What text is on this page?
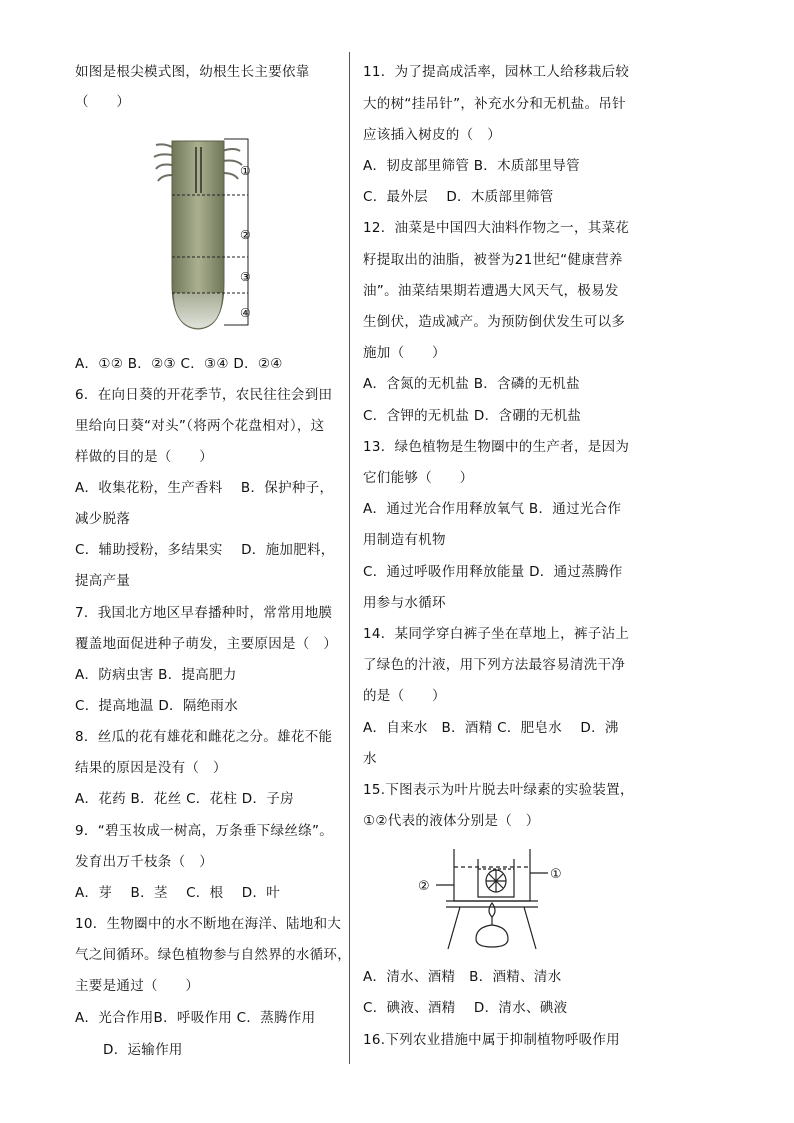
如图是根尖模式图，幼根生长主要依靠
（　　）
A．①② B．②③ C．③④ D．②④
6．在向日葵的开花季节，农民往往会到田
里给向日葵“对头”（将两个花盘相对），这
样做的目的是（　　）
A．收集花粉，生产香料　 B．保护种子，
减少脱落
C．辅助授粉，多结果实　 D．施加肥料，
提高产量
7．我国北方地区早春播种时，常常用地膜
覆盖地面促进种子萌发，主要原因是（　）
A．防病虫害 B．提高肥力
C．提高地温 D．隔绝雨水
8．丝瓜的花有雄花和雌花之分。雄花不能
结果的原因是没有（　）
A．花药 B．花丝 C．花柱 D．子房
9．“碧玉妆成一树高，万条垂下绿丝绦”。
发育出万千枝条（　）
A．芽　 B．茎　 C．根　 D．叶
10．生物圈中的水不断地在海洋、陆地和大
气之间循环。绿色植物参与自然界的水循环，
主要是通过（　　）
A．光合作用B．呼吸作用 C．蒸腾作用
D．运输作用
①
②
③
④
11．为了提高成活率，园林工人给移栽后较
大的树“挂吊针”，补充水分和无机盐。吊针
应该插入树皮的（　）
A．韧皮部里筛管 B．木质部里导管
C．最外层　 D．木质部里筛管
12．油菜是中国四大油料作物之一，其菜花
籽提取出的油脂，被誉为21世纪“健康营养
油”。油菜结果期若遭遇大风天气，极易发
生倒伏，造成减产。为预防倒伏发生可以多
施加（　　）
A．含氮的无机盐 B．含磷的无机盐
C．含钾的无机盐 D．含硼的无机盐
13．绿色植物是生物圈中的生产者，是因为
它们能够（　　）
A．通过光合作用释放氧气 B．通过光合作
用制造有机物
C．通过呼吸作用释放能量 D．通过蒸腾作
用参与水循环
14．某同学穿白裤子坐在草地上，裤子沾上
了绿色的汁液，用下列方法最容易清洗干净
的是（　　）
A．自来水　B．酒精 C．肥皂水　 D．沸
水
15.下图表示为叶片脱去叶绿素的实验装置，
①②代表的液体分别是（　）
A．清水、酒精　B．酒精、清水
C．碘液、酒精　 D．清水、碘液
16.下列农业措施中属于抑制植物呼吸作用
①
②
